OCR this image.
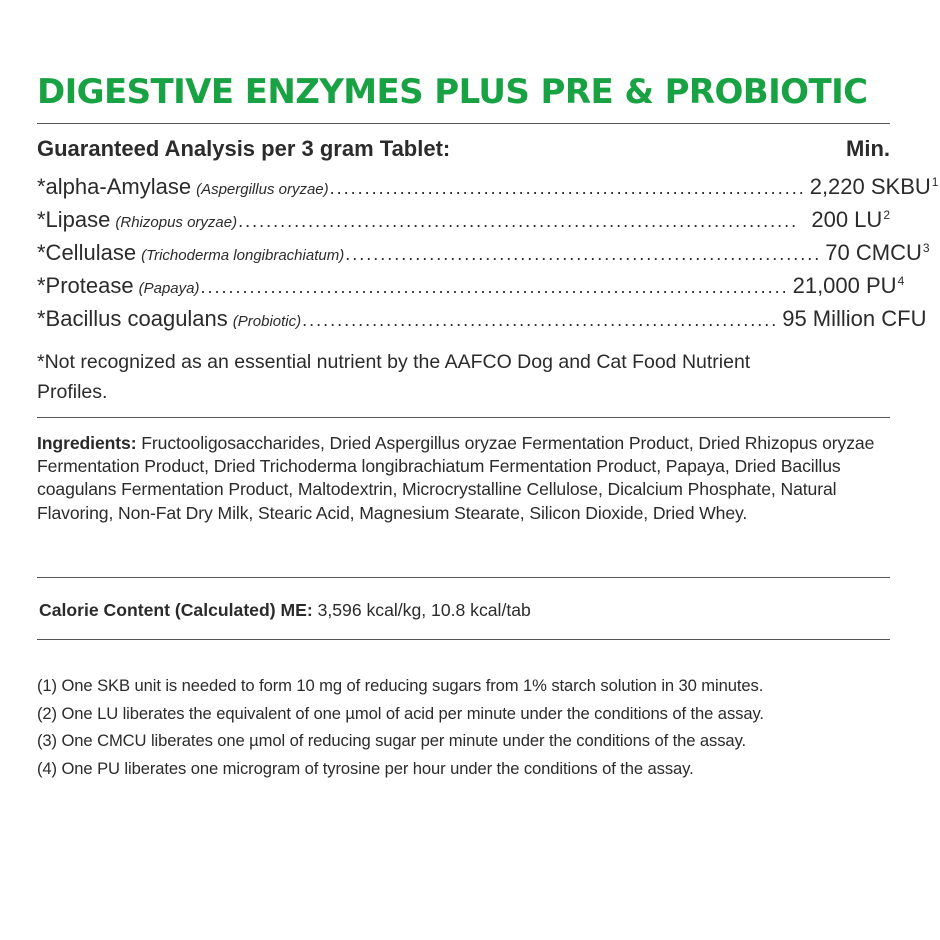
DIGESTIVE ENZYMES PLUS PRE & PROBIOTIC
Guaranteed Analysis per 3 gram Tablet:	Min.
*alpha-Amylase (Aspergillus oryzae) .................................................................... 2,220 SKBU$^1$
*Lipase (Rhizopus oryzae) ................................................................................ 200 $LU^2$
*Cellulase (Trichoderma longibrachiatum) .................................................................... 70 CMCU$^3$
*Protease (Papaya) .................................................................................... 21,000 $PU^4$
*Bacillus coagulans (Probiotic) .................................................................... 95 Million CFU
*Not recognized as an essential nutrient by the AAFCO Dog and Cat Food Nutrient Profiles.
Ingredients: Fructooligosaccharides, Dried Aspergillus oryzae Fermentation Product, Dried Rhizopus oryzae Fermentation Product, Dried Trichoderma longibrachiatum Fermentation Product, Papaya, Dried Bacillus coagulans Fermentation Product, Maltodextrin, Microcrystalline Cellulose, Dicalcium Phosphate, Natural Flavoring, Non-Fat Dry Milk, Stearic Acid, Magnesium Stearate, Silicon Dioxide, Dried Whey.
Calorie Content (Calculated) ME: 3,596 kcal/kg, 10.8 kcal/tab
(1) One SKB unit is needed to form 10 mg of reducing sugars from 1% starch solution in 30 minutes.
(2) One LU liberates the equivalent of one µmol of acid per minute under the conditions of the assay.
(3) One CMCU liberates one µmol of reducing sugar per minute under the conditions of the assay.
(4) One PU liberates one microgram of tyrosine per hour under the conditions of the assay.
